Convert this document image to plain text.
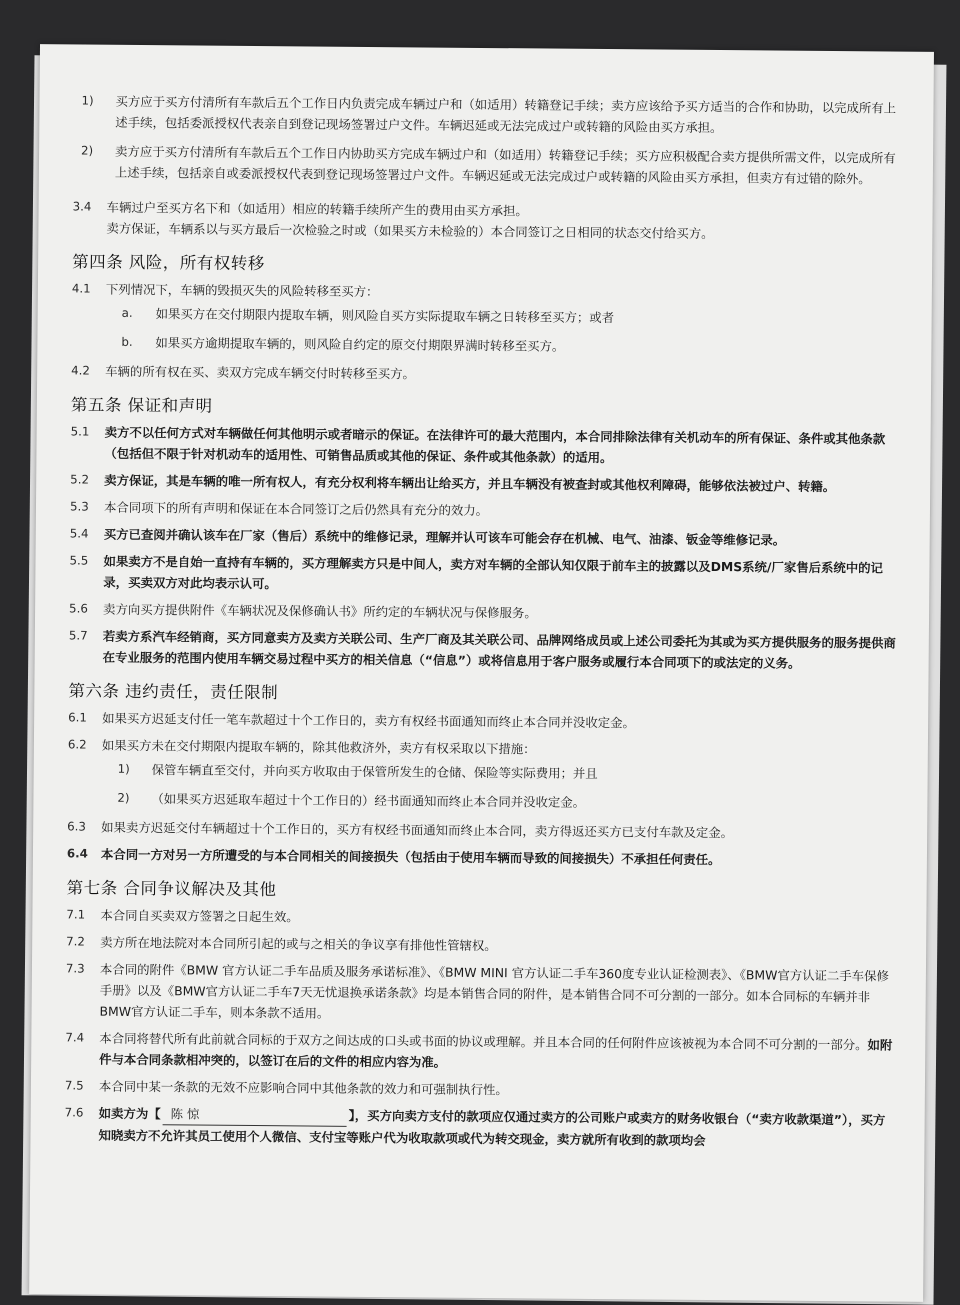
1) 买方应于买方付清所有车款后五个工作日内负责完成车辆过户和（如适用）转籍登记手续；卖方应该给予买方适当的合作和协助，以完成所有上述手续，包括委派授权代表亲自到登记现场签署过户文件。车辆迟延或无法完成过户或转籍的风险由买方承担。
2) 卖方应于买方付清所有车款后五个工作日内协助买方完成车辆过户和（如适用）转籍登记手续；买方应积极配合卖方提供所需文件，以完成所有上述手续，包括亲自或委派授权代表到登记现场签署过户文件。车辆迟延或无法完成过户或转籍的风险由买方承担，但卖方有过错的除外。
3.4 车辆过户至买方名下和（如适用）相应的转籍手续所产生的费用由买方承担。
卖方保证，车辆系以与买方最后一次检验之时或（如果买方未检验的）本合同签订之日相同的状态交付给买方。
第四条 风险，所有权转移
4.1 下列情况下，车辆的毁损灭失的风险转移至买方：
a. 如果买方在交付期限内提取车辆，则风险自买方实际提取车辆之日转移至买方；或者
b. 如果买方逾期提取车辆的，则风险自约定的原交付期限界满时转移至买方。
4.2 车辆的所有权在买、卖双方完成车辆交付时转移至买方。
第五条 保证和声明
5.1 卖方不以任何方式对车辆做任何其他明示或者暗示的保证。在法律许可的最大范围内，本合同排除法律有关机动车的所有保证、条件或其他条款（包括但不限于针对机动车的适用性、可销售品质或其他的保证、条件或其他条款）的适用。
5.2 卖方保证，其是车辆的唯一所有权人，有充分权利将车辆出让给买方，并且车辆没有被查封或其他权利障碍，能够依法被过户、转籍。
5.3 本合同项下的所有声明和保证在本合同签订之后仍然具有充分的效力。
5.4 买方已查阅并确认该车在厂家（售后）系统中的维修记录，理解并认可该车可能会存在机械、电气、油漆、钣金等维修记录。
5.5 如果卖方不是自始一直持有车辆的，买方理解卖方只是中间人，卖方对车辆的全部认知仅限于前车主的披露以及DMS系统/厂家售后系统中的记录，买卖双方对此均表示认可。
5.6 卖方向买方提供附件《车辆状况及保修确认书》所约定的车辆状况与保修服务。
5.7 若卖方系汽车经销商，买方同意卖方及卖方关联公司、生产厂商及其关联公司、品牌网络成员或上述公司委托为其或为买方提供服务的服务提供商在专业服务的范围内使用车辆交易过程中买方的相关信息（“信息”）或将信息用于客户服务或履行本合同项下的或法定的义务。
第六条 违约责任，责任限制
6.1 如果买方迟延支付任一笔车款超过十个工作日的，卖方有权经书面通知而终止本合同并没收定金。
6.2 如果买方未在交付期限内提取车辆的，除其他救济外，卖方有权采取以下措施：
1) 保管车辆直至交付，并向买方收取由于保管所发生的仓储、保险等实际费用；并且
2) （如果买方迟延取车超过十个工作日的）经书面通知而终止本合同并没收定金。
6.3 如果卖方迟延交付车辆超过十个工作日的，买方有权经书面通知而终止本合同，卖方得返还买方已支付车款及定金。
6.4 本合同一方对另一方所遭受的与本合同相关的间接损失（包括由于使用车辆而导致的间接损失）不承担任何责任。
第七条 合同争议解决及其他
7.1 本合同自买卖双方签署之日起生效。
7.2 卖方所在地法院对本合同所引起的或与之相关的争议享有排他性管辖权。
7.3 本合同的附件《BMW 官方认证二手车品质及服务承诺标准》、《BMW MINI 官方认证二手车360度专业认证检测表》、《BMW官方认证二手车保修手册》以及《BMW官方认证二手车7天无忧退换承诺条款》均是本销售合同的附件，是本销售合同不可分割的一部分。如本合同标的车辆并非BMW官方认证二手车，则本条款不适用。
7.4 本合同将替代所有此前就合同标的于双方之间达成的口头或书面的协议或理解。并且本合同的任何附件应该被视为本合同不可分割的一部分。如附件与本合同条款相冲突的，以签订在后的文件的相应内容为准。
7.5 本合同中某一条款的无效不应影响合同中其他条款的效力和可强制执行性。
7.6 如卖方为【 陈 惊	】，买方向卖方支付的款项应仅通过卖方的公司账户或卖方的财务收银台（“卖方收款渠道”），买方知晓卖方不允许其员工使用个人微信、支付宝等账户代为收取款项或代为转交现金，卖方就所有收到的款项均会
